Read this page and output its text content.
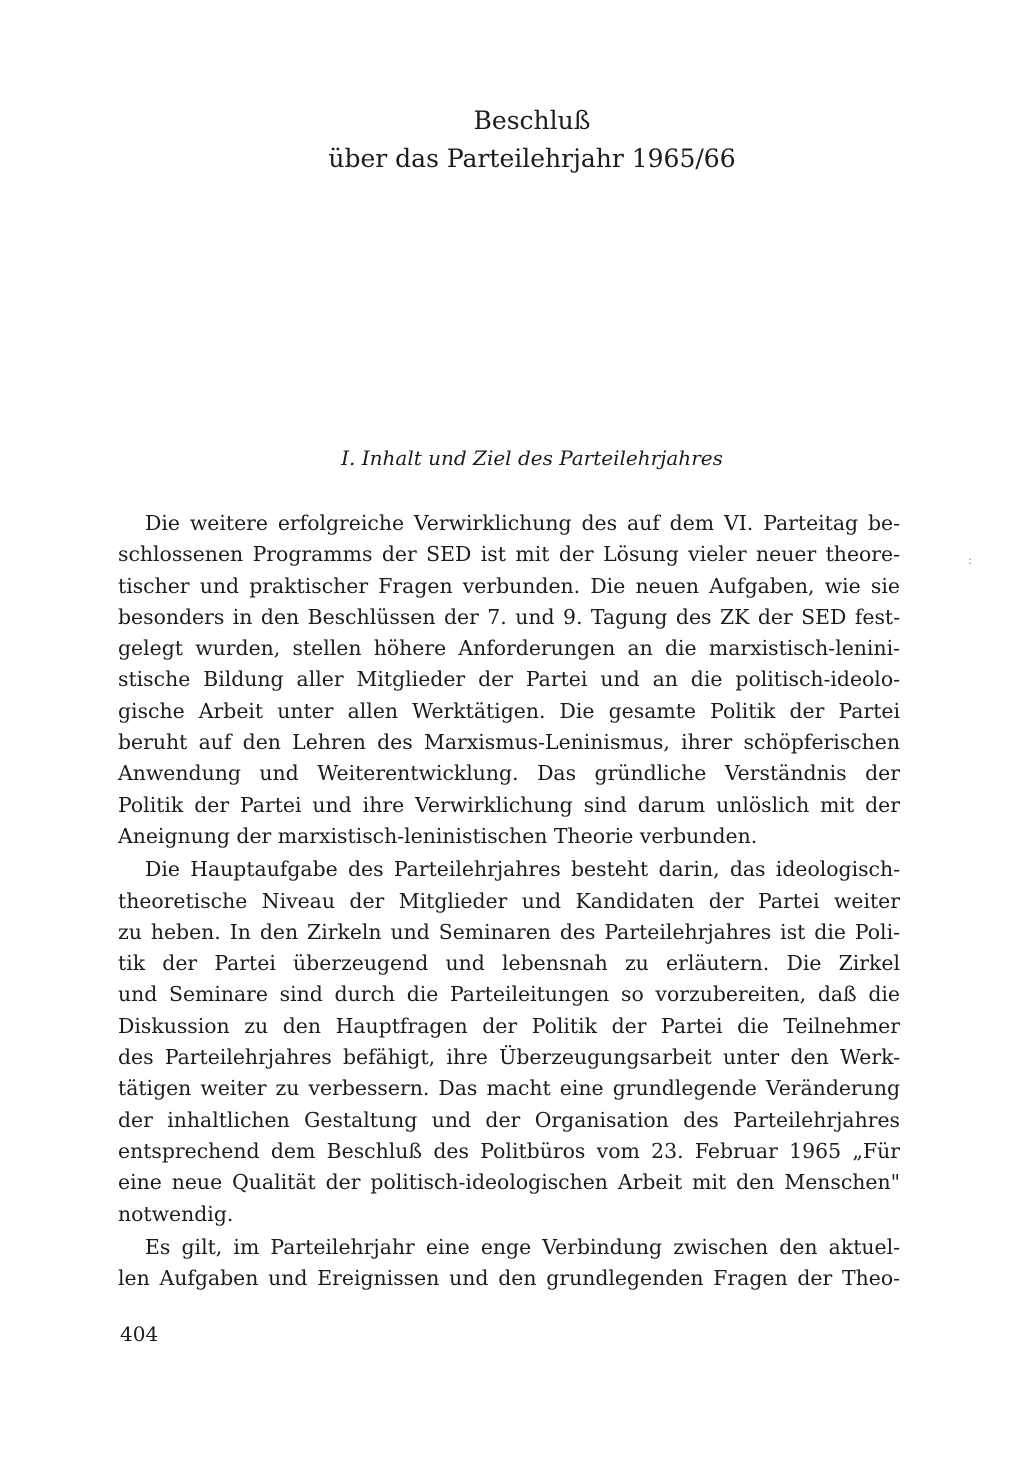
Beschluß
über das Parteilehrjahr 1965/66
I. Inhalt und Ziel des Parteilehrjahres
Die weitere erfolgreiche Verwirklichung des auf dem VI. Parteitag be-
schlossenen Programms der SED ist mit der Lösung vieler neuer theore-
tischer und praktischer Fragen verbunden. Die neuen Aufgaben, wie sie
besonders in den Beschlüssen der 7. und 9. Tagung des ZK der SED fest-
gelegt wurden, stellen höhere Anforderungen an die marxistisch-lenini-
stische Bildung aller Mitglieder der Partei und an die politisch-ideolo-
gische Arbeit unter allen Werktätigen. Die gesamte Politik der Partei
beruht auf den Lehren des Marxismus-Leninismus, ihrer schöpferischen
Anwendung und Weiterentwicklung. Das gründliche Verständnis der
Politik der Partei und ihre Verwirklichung sind darum unlöslich mit der
Aneignung der marxistisch-leninistischen Theorie verbunden.
Die Hauptaufgabe des Parteilehrjahres besteht darin, das ideologisch-
theoretische Niveau der Mitglieder und Kandidaten der Partei weiter
zu heben. In den Zirkeln und Seminaren des Parteilehrjahres ist die Poli-
tik der Partei überzeugend und lebensnah zu erläutern. Die Zirkel
und Seminare sind durch die Parteileitungen so vorzubereiten, daß die
Diskussion zu den Hauptfragen der Politik der Partei die Teilnehmer
des Parteilehrjahres befähigt, ihre Überzeugungsarbeit unter den Werk-
tätigen weiter zu verbessern. Das macht eine grundlegende Veränderung
der inhaltlichen Gestaltung und der Organisation des Parteilehrjahres
entsprechend dem Beschluß des Politbüros vom 23. Februar 1965 „Für
eine neue Qualität der politisch-ideologischen Arbeit mit den Menschen"
notwendig.
Es gilt, im Parteilehrjahr eine enge Verbindung zwischen den aktuel-
len Aufgaben und Ereignissen und den grundlegenden Fragen der Theo-
:
404
